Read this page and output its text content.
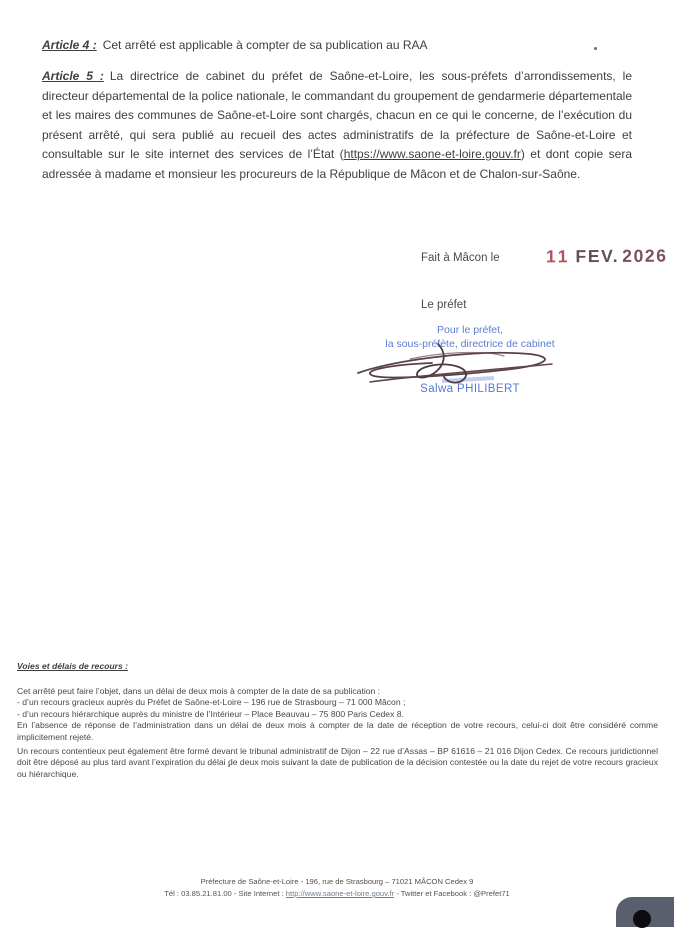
Article 4 : Cet arrêté est applicable à compter de sa publication au RAA

Article 5 : La directrice de cabinet du préfet de Saône-et-Loire, les sous-préfets d’arrondissements, le directeur départemental de la police nationale, le commandant du groupement de gendarmerie départementale et les maires des communes de Saône-et-Loire sont chargés, chacun en ce qui le concerne, de l’exécution du présent arrêté, qui sera publié au recueil des actes administratifs de la préfecture de Saône-et-Loire et consultable sur le site internet des services de l’État (https://www.saone-et-loire.gouv.fr) et dont copie sera adressée à madame et monsieur les procureurs de la République de Mâcon et de Chalon-sur-Saône.

Fait à Mâcon le	11 FEV. 2026
Le préfet
Pour le préfet,
la sous-préfète, directrice de cabinet
Salwa PHILIBERT
Voies et délais de recours :

Cet arrêté peut faire l’objet, dans un délai de deux mois à compter de la date de sa publication :

- d’un recours gracieux auprès du Préfet de Saône-et-Loire – 196 rue de Strasbourg – 71 000 Mâcon ;

- d’un recours hiérarchique auprès du ministre de l’Intérieur – Place Beauvau – 75 800 Paris Cedex 8.

En l’absence de réponse de l’administration dans un délai de deux mois à compter de la date de réception de votre recours, celui-ci doit être considéré comme implicitement rejeté.

Un recours contentieux peut également être formé devant le tribunal administratif de Dijon – 22 rue d’Assas – BP 61616 – 21 016 Dijon Cedex. Ce recours juridictionnel doit être déposé au plus tard avant l’expiration du délai de deux mois suivant la date de publication de la décision contestée ou la date du rejet de votre recours gracieux ou hiérarchique.

Préfecture de Saône-et-Loire - 196, rue de Strasbourg – 71021 MÂCON Cedex 9
Tél : 03.85.21.81.00 - Site Internet : http://www.saone-et-loire.gouv.fr - Twitter et Facebook : @Prefet71
